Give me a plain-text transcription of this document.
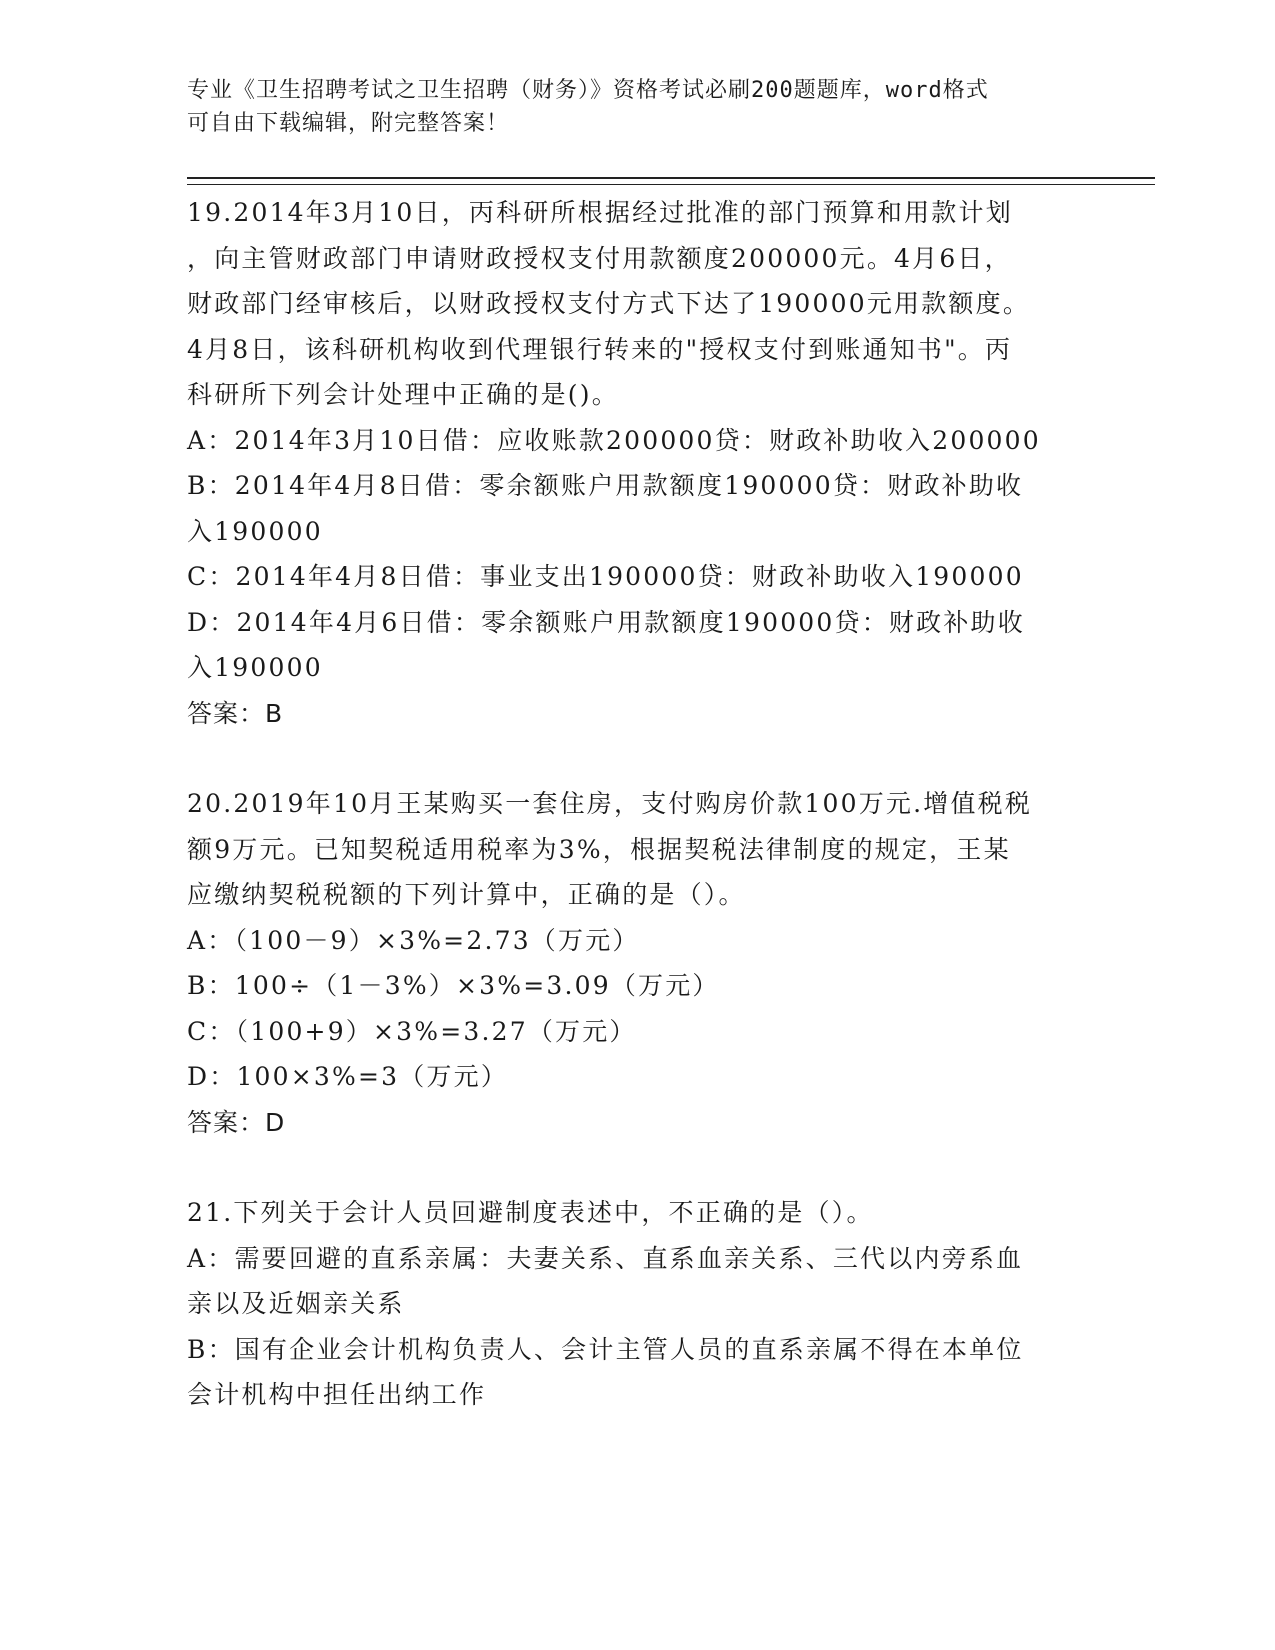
专业《卫生招聘考试之卫生招聘（财务）》资格考试必刷200题题库，word格式
可自由下载编辑，附完整答案！

19.2014年3月10日，丙科研所根据经过批准的部门预算和用款计划

，向主管财政部门申请财政授权支付用款额度200000元。4月6日，

财政部门经审核后，以财政授权支付方式下达了190000元用款额度。

4月8日，该科研机构收到代理银行转来的"授权支付到账通知书"。丙

科研所下列会计处理中正确的是()。

A：2014年3月10日借：应收账款200000贷：财政补助收入200000

B：2014年4月8日借：零余额账户用款额度190000贷：财政补助收

入190000

C：2014年4月8日借：事业支出190000贷：财政补助收入190000

D：2014年4月6日借：零余额账户用款额度190000贷：财政补助收

入190000

答案：B

20.2019年10月王某购买一套住房，支付购房价款100万元.增值税税

额9万元。已知契税适用税率为3%，根据契税法律制度的规定，王某

应缴纳契税税额的下列计算中，正确的是（）。

A：（100－9）×3%=2.73（万元）

B：100÷（1－3%）×3%=3.09（万元）

C：（100+9）×3%=3.27（万元）

D：100×3%=3（万元）

答案：D

21.下列关于会计人员回避制度表述中，不正确的是（）。

A：需要回避的直系亲属：夫妻关系、直系血亲关系、三代以内旁系血

亲以及近姻亲关系

B：国有企业会计机构负责人、会计主管人员的直系亲属不得在本单位

会计机构中担任出纳工作
